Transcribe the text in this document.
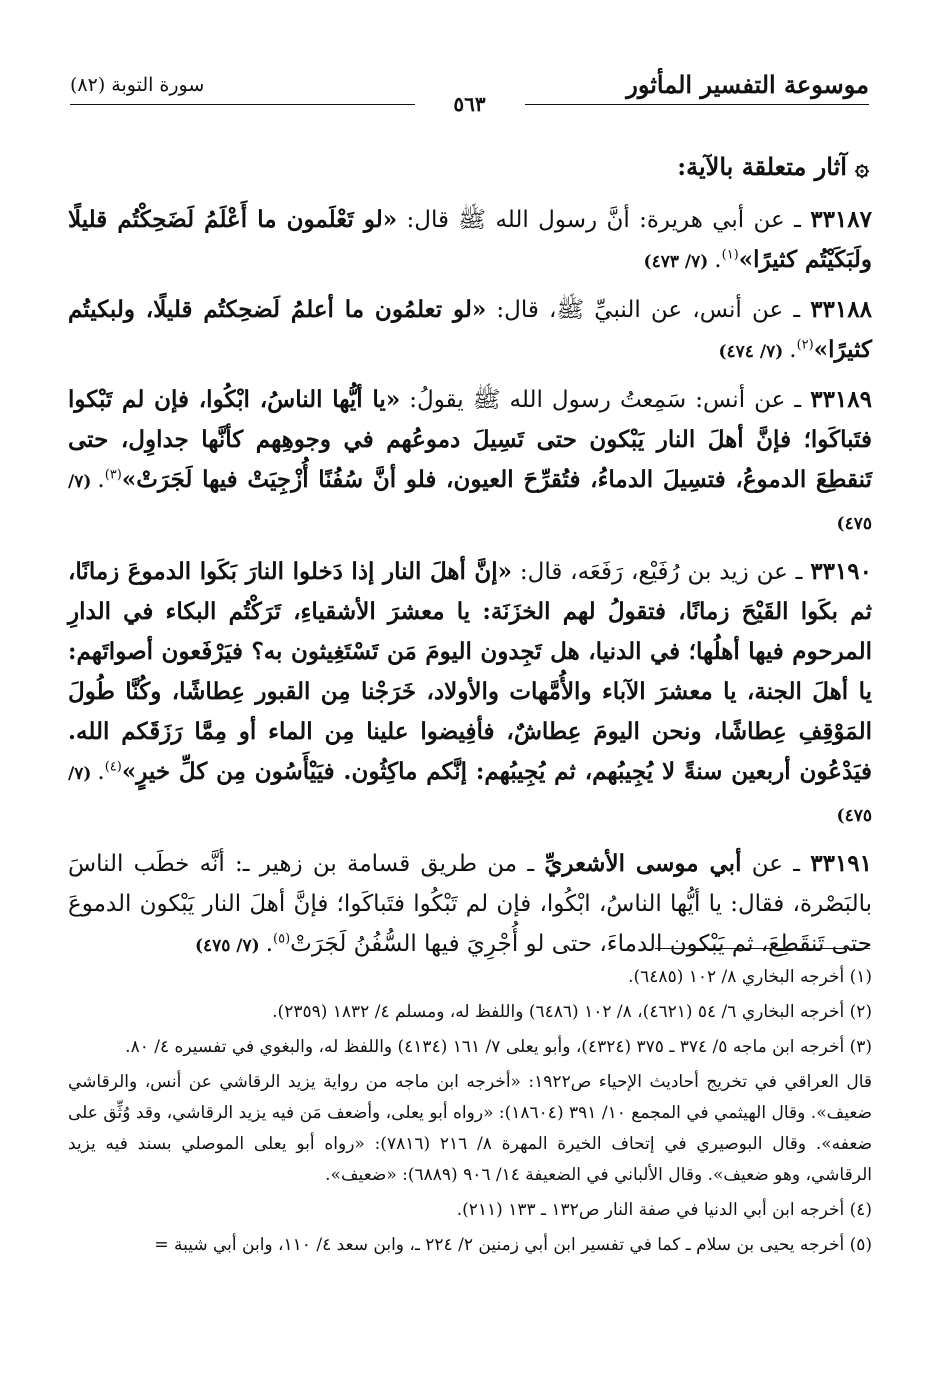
موسوعة التفسير المأثور
سورة التوبة (٨٢)
٥٦٣
۞آثار متعلقة بالآية:

٣٣١٨٧ ـ عن أبي هريرة: أنَّ رسول الله ﷺ قال: «لو تَعْلَمون ما أَعْلَمُ لَضَحِكْتُم قليلًا ولَبَكَيْتُم كثيرًا»$^{(١)}$.(٧/ ٤٧٣)

٣٣١٨٨ ـ عن أنس، عن النبيِّ ﷺ، قال: «لو تعلمُون ما أعلمُ لَضحِكتُم قليلًا، ولبكيتُم كثيرًا»$^{(٢)}$.(٧/ ٤٧٤)

٣٣١٨٩ ـ عن أنس: سَمِعتُ رسول الله ﷺ يقولُ: «يا أيُّها الناسُ، ابْكُوا، فإن لم تَبْكوا فتَباكَوا؛ فإنَّ أهلَ النار يَبْكون حتى تَسِيلَ دموعُهم في وجوهِهم كأنَّها جداوِل، حتى تَنقطِعَ الدموعُ، فتسِيلَ الدماءُ، فتُقرِّحَ العيون، فلو أنَّ سُفُنًا أُزْجِيَتْ فيها لَجَرَتْ»$^{(٣)}$.(٧/ ٤٧٥)

٣٣١٩٠ ـ عن زيد بن رُفَيْع، رَفَعَه، قال: «إنَّ أهلَ النار إذا دَخلوا النارَ بَكَوا الدموعَ زمانًا، ثم بكَوا القَيْحَ زمانًا، فتقولُ لهم الخزَنَة: يا معشرَ الأشقياءِ، تَرَكْتُم البكاء في الدارِ المرحوم فيها أهلُها؛ في الدنيا، هل تَجِدون اليومَ مَن تَسْتَغِيثون به؟ فيَرْفَعون أصواتَهم: يا أهلَ الجنة، يا معشرَ الآباء والأُمَّهات والأولاد، خَرَجْنا مِن القبور عِطاشًا، وكُنَّا طُولَ المَوْقِفِ عِطاشًا، ونحن اليومَ عِطاشٌ، فأفِيضوا علينا مِن الماء أو مِمَّا رَزَقَكم الله. فيَدْعُون أربعين سنةً لا يُجِيبُهم، ثم يُجِيبُهم: إنَّكم ماكِثُون. فيَيْأَسُون مِن كلِّ خيرٍ»$^{(٤)}$.(٧/ ٤٧٥)

٣٣١٩١ ـ عن أبي موسى الأشعريِّ ـ من طريق قسامة بن زهير ـ: أنَّه خطَب الناسَ بالبَصْرة، فقال: يا أيُّها الناسُ، ابْكُوا، فإن لم تَبْكُوا فتَباكَوا؛ فإنَّ أهلَ النار يَبْكون الدموعَ حتى تَنقَطِعَ، ثم يَبْكون الدماءَ، حتى لو أُجْرِيَ فيها السُّفُنُ لَجَرَتْ$^{(٥)}$.(٧/ ٤٧٥)

(١) أخرجه البخاري ٨/ ١٠٢ (٦٤٨٥).

(٢) أخرجه البخاري ٦/ ٥٤ (٤٦٢١)، ٨/ ١٠٢ (٦٤٨٦) واللفظ له، ومسلم ٤/ ١٨٣٢ (٢٣٥٩).

(٣) أخرجه ابن ماجه ٥/ ٣٧٤ ـ ٣٧٥ (٤٣٢٤)، وأبو يعلى ٧/ ١٦١ (٤١٣٤) واللفظ له، والبغوي في تفسيره ٤/ ٨٠.

قال العراقي في تخريج أحاديث الإحياء ص١٩٢٢: «أخرجه ابن ماجه من رواية يزيد الرقاشي عن أنس، والرقاشي ضعيف». وقال الهيثمي في المجمع ١٠/ ٣٩١ (١٨٦٠٤): «رواه أبو يعلى، وأضعف مَن فيه يزيد الرقاشي، وقد وُثِّق على ضعفه». وقال البوصيري في إتحاف الخيرة المهرة ٨/ ٢١٦ (٧٨١٦): «رواه أبو يعلى الموصلي بسند فيه يزيد الرقاشي، وهو ضعيف». وقال الألباني في الضعيفة ١٤/ ٩٠٦ (٦٨٨٩): «ضعيف».

(٤) أخرجه ابن أبي الدنيا في صفة النار ص١٣٢ ـ ١٣٣ (٢١١).

(٥) أخرجه يحيى بن سلام ـ كما في تفسير ابن أبي زمنين ٢/ ٢٢٤ ـ، وابن سعد ٤/ ١١٠، وابن أبي شيبة =
